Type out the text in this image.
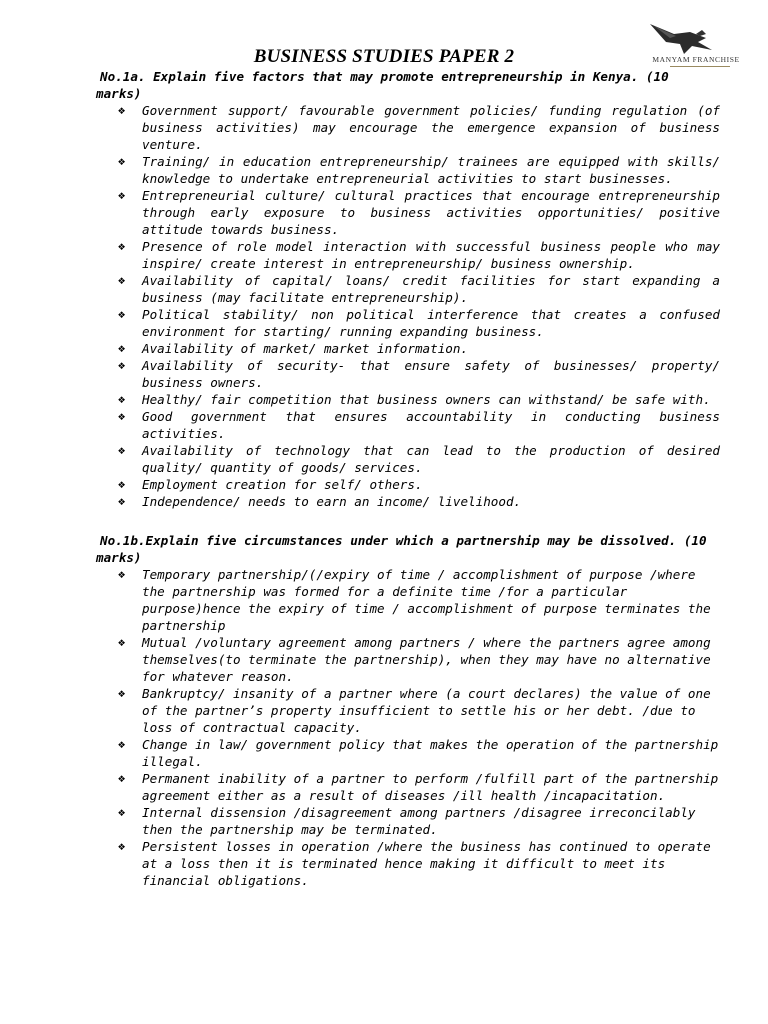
BUSINESS STUDIES PAPER 2	MANYAM FRANCHISE

No.1a. Explain five factors that may promote entrepreneurship in Kenya. (10 marks)

❖ Government support/ favourable government policies/ funding regulation (of business activities) may encourage the emergence expansion of business venture.
❖ Training/ in education entrepreneurship/ trainees are equipped with skills/ knowledge to undertake entrepreneurial activities to start businesses.
❖ Entrepreneurial culture/ cultural practices that encourage entrepreneurship through early exposure to business activities opportunities/ positive attitude towards business.
❖ Presence of role model interaction with successful business people who may inspire/ create interest in entrepreneurship/ business ownership.
❖ Availability of capital/ loans/ credit facilities for start expanding a business (may facilitate entrepreneurship).
❖ Political stability/ non political interference that creates a confused environment for starting/ running expanding business.
❖ Availability of market/ market information.
❖ Availability of security- that ensure safety of businesses/ property/ business owners.
❖ Healthy/ fair competition that business owners can withstand/ be safe with.
❖ Good government that ensures accountability in conducting business activities.
❖ Availability of technology that can lead to the production of desired quality/ quantity of goods/ services.
❖ Employment creation for self/ others.
❖ Independence/ needs to earn an income/ livelihood.

No.1b.Explain five circumstances under which a partnership may be dissolved. (10 marks)

❖ Temporary partnership/(/expiry of time / accomplishment of purpose /where the partnership was formed for a definite time /for a particular purpose)hence the expiry of time / accomplishment of purpose terminates the partnership
❖ Mutual /voluntary agreement among partners / where the partners agree among themselves(to terminate the partnership), when they may have no alternative for whatever reason.
❖ Bankruptcy/ insanity of a partner where (a court declares) the value of one of the partner’s property insufficient to settle his or her debt. /due to loss of contractual capacity.
❖ Change in law/ government policy that makes the operation of the partnership illegal.
❖ Permanent inability of a partner to perform /fulfill part of the partnership agreement either as a result of diseases /ill health /incapacitation.
❖ Internal dissension /disagreement among partners /disagree irreconcilably then the partnership may be terminated.
❖ Persistent losses in operation /where the business has continued to operate at a loss then it is terminated hence making it difficult to meet its financial obligations.
